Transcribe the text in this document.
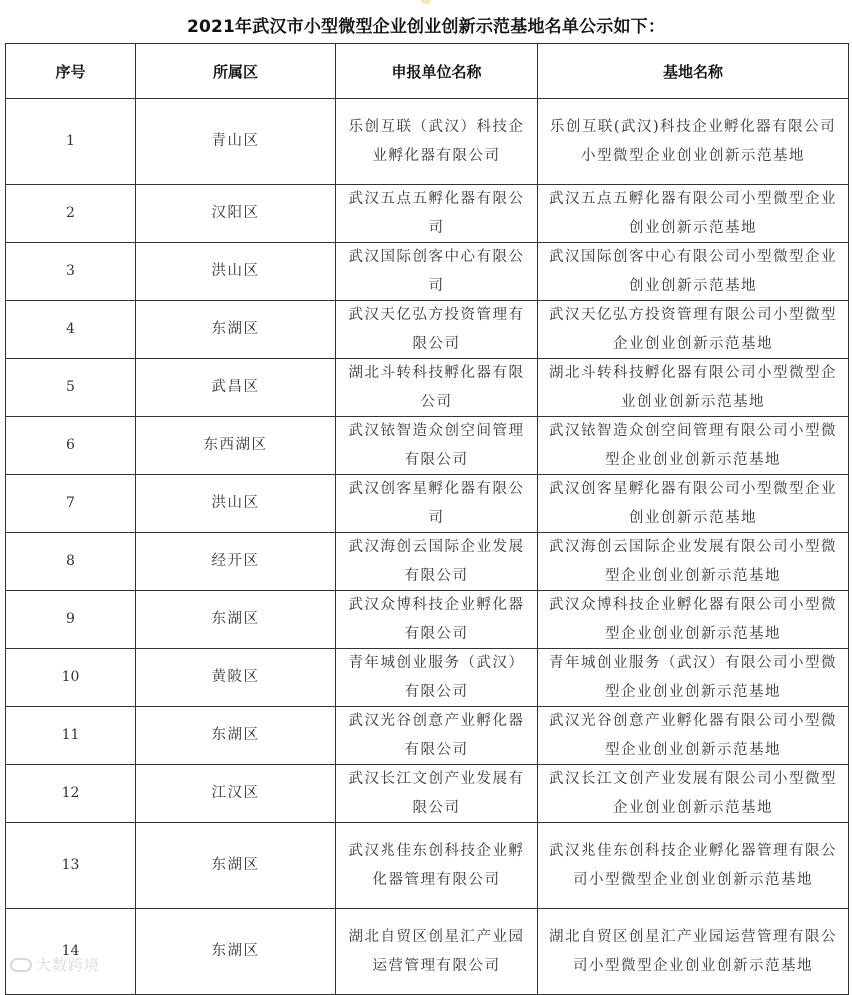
2021年武汉市小型微型企业创业创新示范基地名单公示如下：
序号	所属区	申报单位名称	基地名称
1	青山区	乐创互联（武汉）科技企业孵化器有限公司	乐创互联(武汉)科技企业孵化器有限公司小型微型企业创业创新示范基地
2	汉阳区	武汉五点五孵化器有限公司	武汉五点五孵化器有限公司小型微型企业创业创新示范基地
3	洪山区	武汉国际创客中心有限公司	武汉国际创客中心有限公司小型微型企业创业创新示范基地
4	东湖区	武汉天亿弘方投资管理有限公司	武汉天亿弘方投资管理有限公司小型微型企业创业创新示范基地
5	武昌区	湖北斗转科技孵化器有限公司	湖北斗转科技孵化器有限公司小型微型企业创业创新示范基地
6	东西湖区	武汉铱智造众创空间管理有限公司	武汉铱智造众创空间管理有限公司小型微型企业创业创新示范基地
7	洪山区	武汉创客星孵化器有限公司	武汉创客星孵化器有限公司小型微型企业创业创新示范基地
8	经开区	武汉海创云国际企业发展有限公司	武汉海创云国际企业发展有限公司小型微型企业创业创新示范基地
9	东湖区	武汉众博科技企业孵化器有限公司	武汉众博科技企业孵化器有限公司小型微型企业创业创新示范基地
10	黄陂区	青年城创业服务（武汉）有限公司	青年城创业服务（武汉）有限公司小型微型企业创业创新示范基地
11	东湖区	武汉光谷创意产业孵化器有限公司	武汉光谷创意产业孵化器有限公司小型微型企业创业创新示范基地
12	江汉区	武汉长江文创产业发展有限公司	武汉长江文创产业发展有限公司小型微型企业创业创新示范基地
13	东湖区	武汉兆佳东创科技企业孵化器管理有限公司	武汉兆佳东创科技企业孵化器管理有限公司小型微型企业创业创新示范基地
14	东湖区	湖北自贸区创星汇产业园运营管理有限公司	湖北自贸区创星汇产业园运营管理有限公司小型微型企业创业创新示范基地
大数跨境
